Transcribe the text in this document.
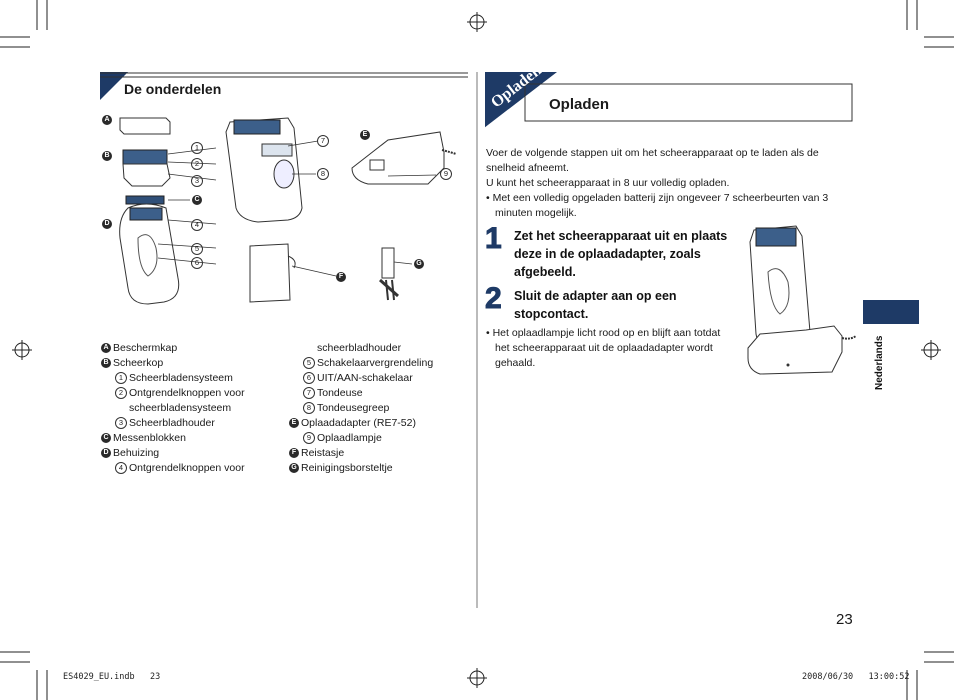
De onderdelen
A
B
C
D
E
F
G
1
2
3
4
5
6
7
8	9
A Beschermkap
B Scheerkop
1 Scheerbladensysteem
2 Ontgrendelknoppen voor
scheerbladensysteem
3 Scheerbladhouder
C Messenblokken
D Behuizing
4 Ontgrendelknoppen voor
scheerbladhouder
5 Schakelaarvergrendeling
6 UIT/AAN-schakelaar
7 Tondeuse
8 Tondeusegreep
E Oplaadadapter (RE7-52)
9 Oplaadlampje
F Reistasje
G Reinigingsborsteltje
Opladen Opladen
Voer de volgende stappen uit om het scheerapparaat op te laden als de
snelheid afneemt.
U kunt het scheerapparaat in 8 uur volledig opladen.
• Met een volledig opgeladen batterij zijn ongeveer 7 scheerbeurten van 3
minuten mogelijk.
1 Zet het scheerapparaat uit en plaats
deze in de oplaadadapter, zoals
afgebeeld.
2 Sluit de adapter aan op een
stopcontact.
• Het oplaadlampje licht rood op en blijft aan totdat
het scheerapparaat uit de oplaadadapter wordt
gehaald.	Nederlands
23
ES4029_EU.indb   23	2008/06/30   13:00:52
